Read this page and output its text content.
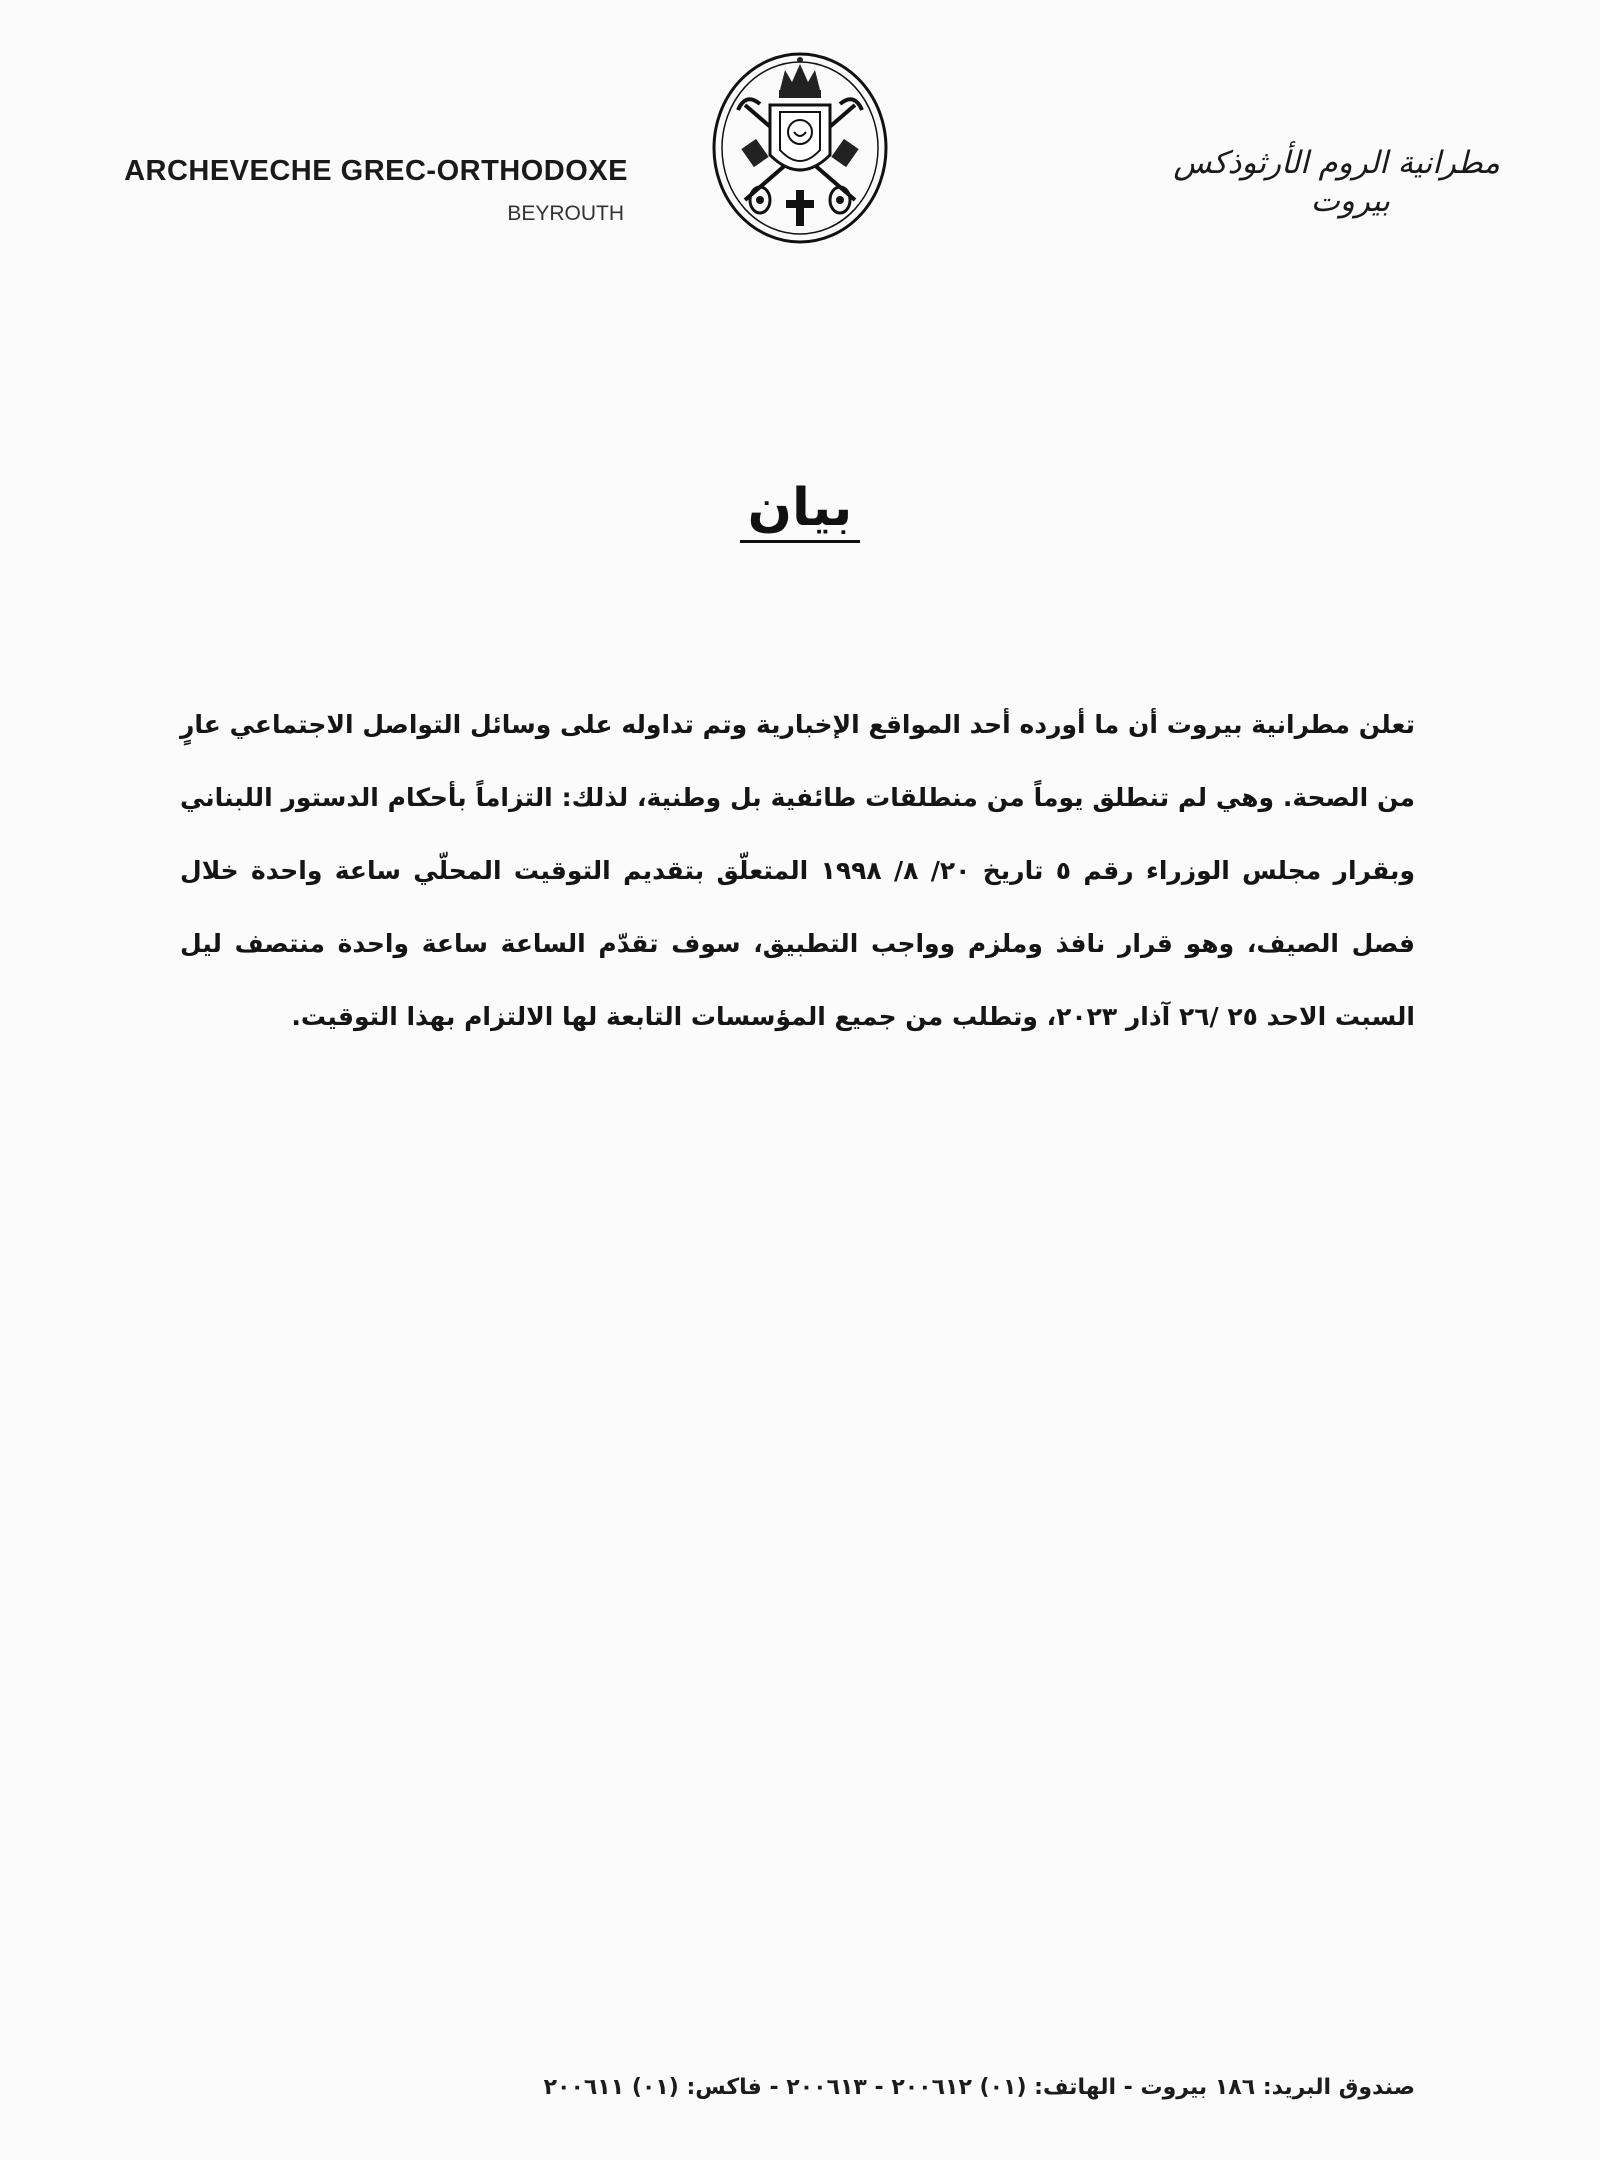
ARCHEVECHE GREC-ORTHODOXE
BEYROUTH
مطرانية الروم الأرثوذكس
بيروت
بيان
تعلن مطرانية بيروت أن ما أورده أحد المواقع الإخبارية وتم تداوله على وسائل التواصل الاجتماعي عارٍ من الصحة. وهي لم تنطلق يوماً من منطلقات طائفية بل وطنية، لذلك: التزاماً بأحكام الدستور اللبناني وبقرار مجلس الوزراء رقم ٥ تاريخ ٢٠/ ٨/ ١٩٩٨ المتعلّق بتقديم التوقيت المحلّي ساعة واحدة خلال فصل الصيف، وهو قرار نافذ وملزم وواجب التطبيق، سوف تقدّم الساعة ساعة واحدة منتصف ليل السبت الاحد ٢٥ /٢٦ آذار ٢٠٢٣، وتطلب من جميع المؤسسات التابعة لها الالتزام بهذا التوقيت.
صندوق البريد: ١٨٦ بيروت - الهاتف: (٠١) ٢٠٠٦١٢ - ٢٠٠٦١٣ - فاكس: (٠١) ٢٠٠٦١١
